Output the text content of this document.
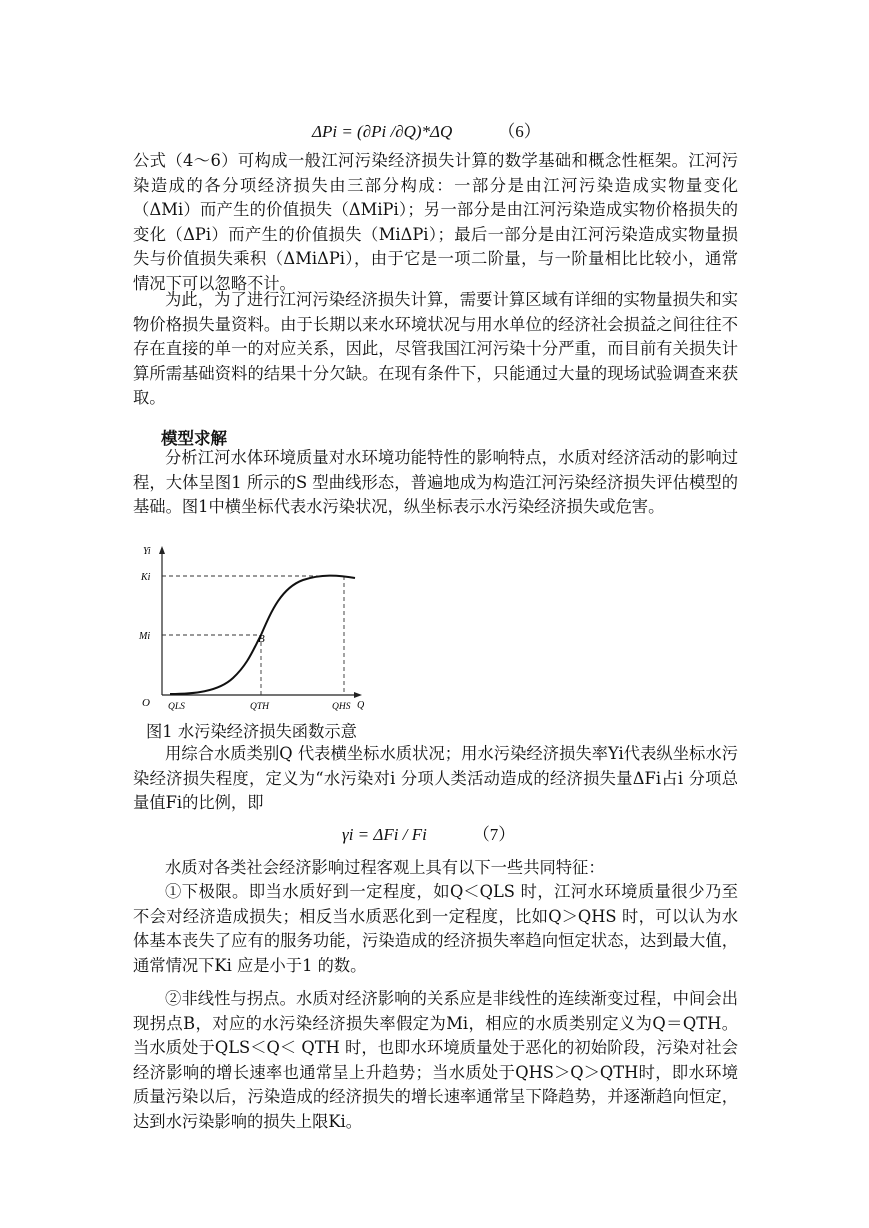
ΔPi = (∂Pi /∂Q)*ΔQ	（6）

公式（4～6）可构成一般江河污染经济损失计算的数学基础和概念性框架。江河污染造成的各分项经济损失由三部分构成：一部分是由江河污染造成实物量变化（ΔMi）而产生的价值损失（ΔMiPi）；另一部分是由江河污染造成实物价格损失的变化（ΔPi）而产生的价值损失（MiΔPi）；最后一部分是由江河污染造成实物量损失与价值损失乘积（ΔMiΔPi），由于它是一项二阶量，与一阶量相比比较小，通常情况下可以忽略不计。

为此，为了进行江河污染经济损失计算，需要计算区域有详细的实物量损失和实物价格损失量资料。由于长期以来水环境状况与用水单位的经济社会损益之间往往不存在直接的单一的对应关系，因此，尽管我国江河污染十分严重，而目前有关损失计算所需基础资料的结果十分欠缺。在现有条件下，只能通过大量的现场试验调查来获取。

模型求解

分析江河水体环境质量对水环境功能特性的影响特点，水质对经济活动的影响过程，大体呈图1 所示的S 型曲线形态，普遍地成为构造江河污染经济损失评估模型的基础。图1中横坐标代表水污染状况，纵坐标表示水污染经济损失或危害。

Yi
Ki
Mi	B
O QLS	QTH	QHS Q
图1 水污染经济损失函数示意

用综合水质类别Q 代表横坐标水质状况；用水污染经济损失率Yi代表纵坐标水污染经济损失程度，定义为“水污染对i 分项人类活动造成的经济损失量ΔFi占i 分项总量值Fi的比例，即

γi = ΔFi / Fi	（7）

水质对各类社会经济影响过程客观上具有以下一些共同特征：

①下极限。即当水质好到一定程度，如Q＜QLS 时，江河水环境质量很少乃至不会对经济造成损失；相反当水质恶化到一定程度，比如Q＞QHS 时，可以认为水体基本丧失了应有的服务功能，污染造成的经济损失率趋向恒定状态，达到最大值，通常情况下Ki 应是小于1 的数。

②非线性与拐点。水质对经济影响的关系应是非线性的连续渐变过程，中间会出现拐点B，对应的水污染经济损失率假定为Mi，相应的水质类别定义为Q＝QTH。当水质处于QLS＜Q＜ QTH 时，也即水环境质量处于恶化的初始阶段，污染对社会经济影响的增长速率也通常呈上升趋势；当水质处于QHS＞Q＞QTH时，即水环境质量污染以后，污染造成的经济损失的增长速率通常呈下降趋势，并逐渐趋向恒定，达到水污染影响的损失上限Ki。
